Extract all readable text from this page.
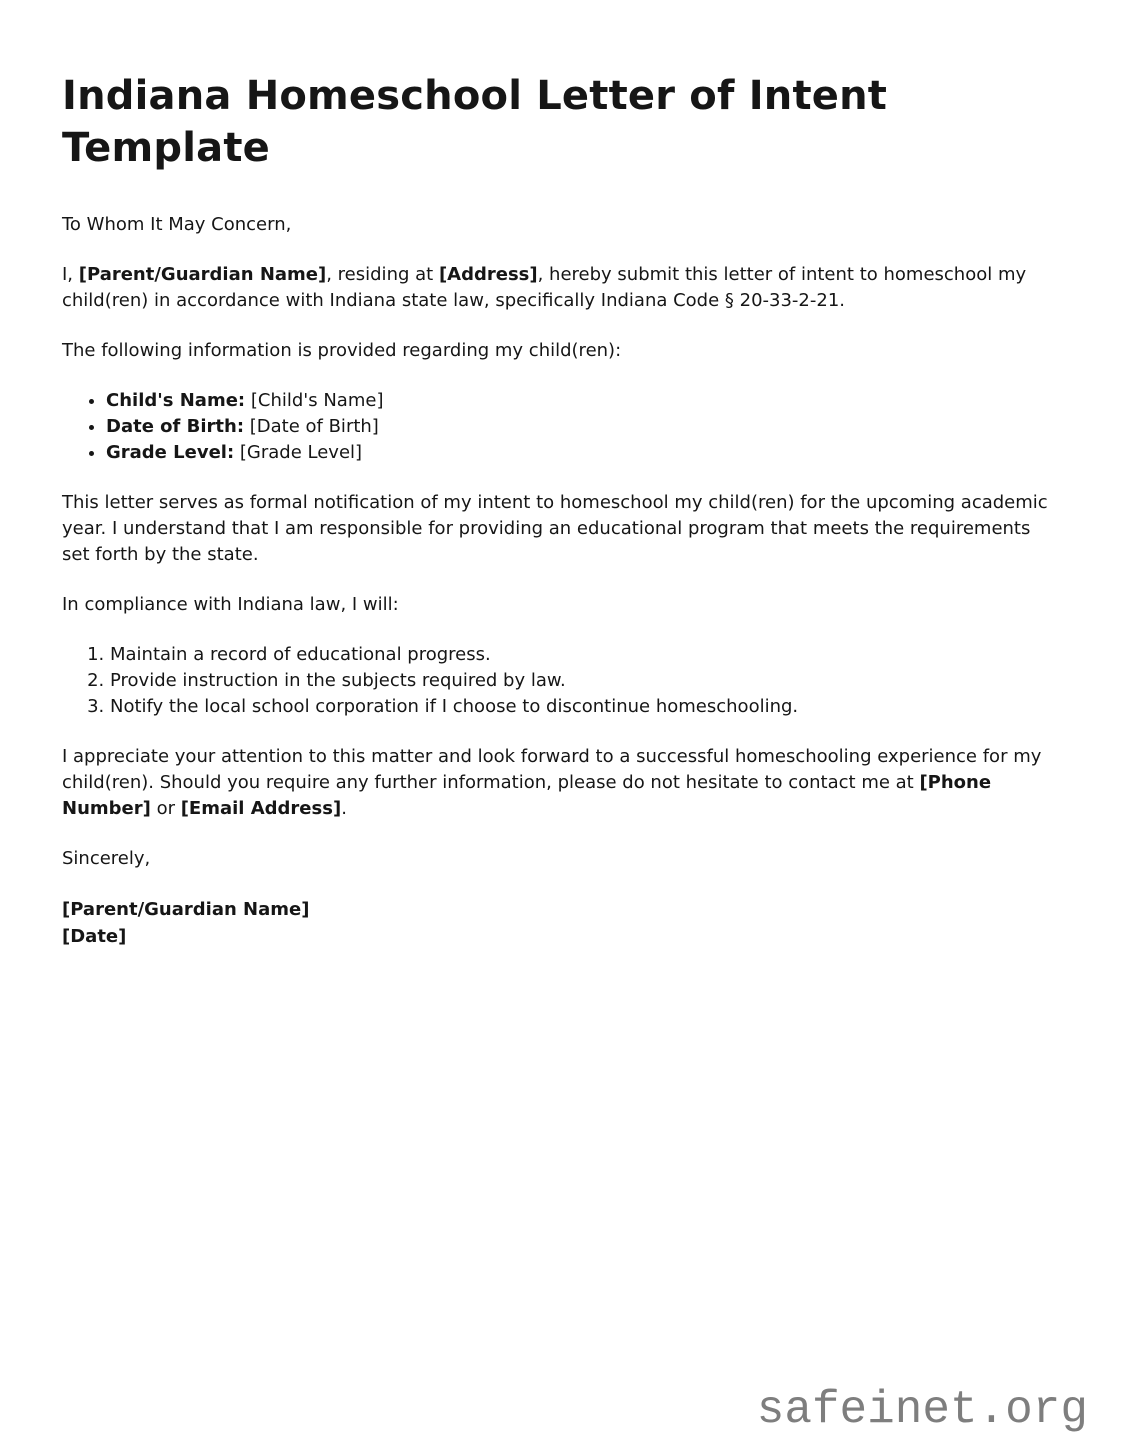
Indiana Homeschool Letter of Intent Template

To Whom It May Concern,

I, [Parent/Guardian Name], residing at [Address], hereby submit this letter of intent to homeschool my child(ren) in accordance with Indiana state law, specifically Indiana Code § 20-33-2-21.

The following information is provided regarding my child(ren):

• Child's Name: [Child's Name]
• Date of Birth: [Date of Birth]
• Grade Level: [Grade Level]

This letter serves as formal notification of my intent to homeschool my child(ren) for the upcoming academic year. I understand that I am responsible for providing an educational program that meets the requirements set forth by the state.

In compliance with Indiana law, I will:

1. Maintain a record of educational progress.
2. Provide instruction in the subjects required by law.
3. Notify the local school corporation if I choose to discontinue homeschooling.

I appreciate your attention to this matter and look forward to a successful homeschooling experience for my child(ren). Should you require any further information, please do not hesitate to contact me at [Phone Number] or [Email Address].

Sincerely,

[Parent/Guardian Name]
[Date]
safeinet.org
